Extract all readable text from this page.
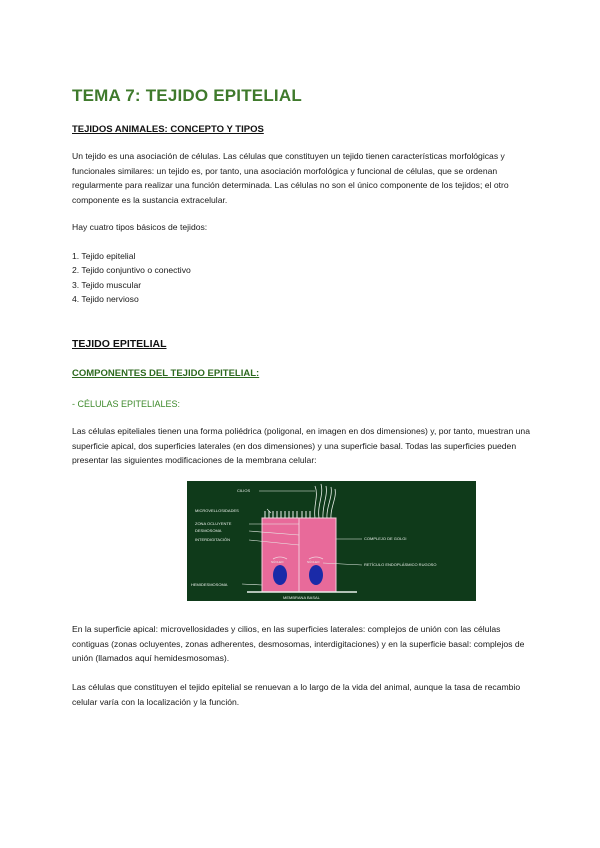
TEMA 7: TEJIDO EPITELIAL
TEJIDOS ANIMALES: CONCEPTO Y TIPOS
Un tejido es una asociación de células. Las células que constituyen un tejido tienen características morfológicas y funcionales similares: un tejido es, por tanto, una asociación morfológica y funcional de células, que se ordenan regularmente para realizar una función determinada. Las células no son el único componente de los tejidos; el otro componente es la sustancia extracelular.
Hay cuatro tipos básicos de tejidos:
1. Tejido epitelial
2. Tejido conjuntivo o conectivo
3. Tejido muscular
4. Tejido nervioso
TEJIDO EPITELIAL
COMPONENTES DEL TEJIDO EPITELIAL:
- CÉLULAS EPITELIALES:
Las células epiteliales tienen una forma poliédrica (poligonal, en imagen en dos dimensiones) y, por tanto, muestran una superficie apical, dos superficies laterales (en dos dimensiones) y una superficie basal. Todas las superficies pueden presentar las siguientes modificaciones de la membrana celular:
CILIOS
MICROVELLOSIDADES
ZONA OCLUYENTE
DESMOSOMA
INTERDIGITACIÓN	COMPLEJO DE GOLGI
RETÍCULO ENDOPLÁSMICO RUGOSO
NÚCLEO	NÚCLEO
HEMIDESMOSOMA
MEMBRANA BASAL
En la superficie apical: microvellosidades y cilios, en las superficies laterales: complejos de unión con las células contiguas (zonas ocluyentes, zonas adherentes, desmosomas, interdigitaciones) y en la superficie basal: complejos de unión (llamados aquí hemidesmosomas).
Las células que constituyen el tejido epitelial se renuevan a lo largo de la vida del animal, aunque la tasa de recambio celular varía con la localización y la función.
